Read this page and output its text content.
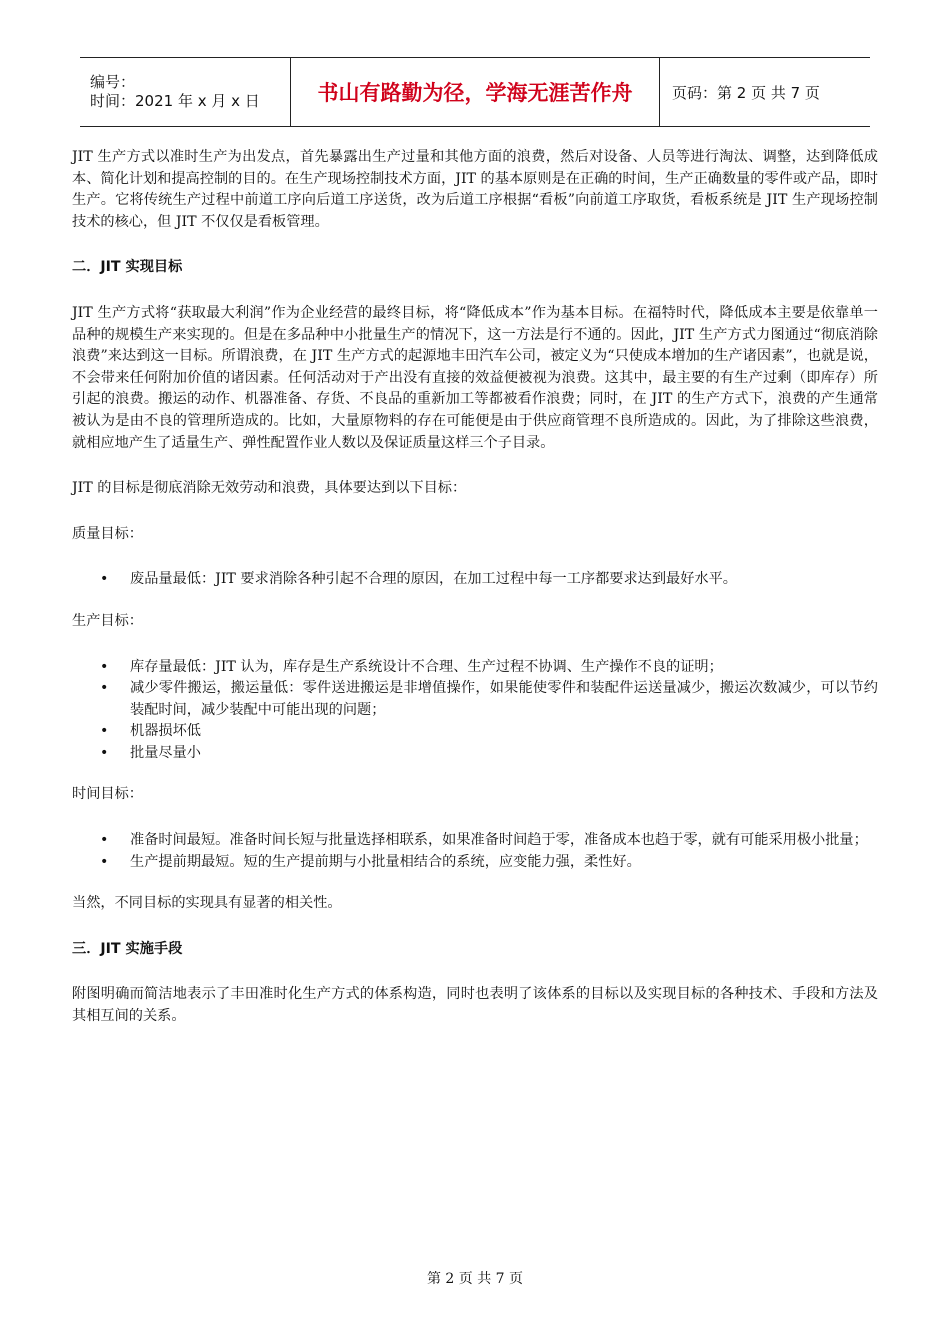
编号：
时间：2021 年 x 月 x 日	书山有路勤为径，学海无涯苦作舟	页码：第 2 页 共 7 页

JIT 生产方式以准时生产为出发点，首先暴露出生产过量和其他方面的浪费，然后对设备、人员等进行淘汰、调整，达到降低成本、简化计划和提高控制的目的。在生产现场控制技术方面，JIT 的基本原则是在正确的时间，生产正确数量的零件或产品，即时生产。它将传统生产过程中前道工序向后道工序送货，改为后道工序根据“看板”向前道工序取货，看板系统是 JIT 生产现场控制技术的核心，但 JIT 不仅仅是看板管理。

二．JIT 实现目标

JIT 生产方式将“获取最大利润”作为企业经营的最终目标，将“降低成本”作为基本目标。在福特时代，降低成本主要是依靠单一品种的规模生产来实现的。但是在多品种中小批量生产的情况下，这一方法是行不通的。因此，JIT 生产方式力图通过“彻底消除浪费”来达到这一目标。所谓浪费，在 JIT 生产方式的起源地丰田汽车公司，被定义为“只使成本增加的生产诸因素”，也就是说，不会带来任何附加价值的诸因素。任何活动对于产出没有直接的效益便被视为浪费。这其中，最主要的有生产过剩（即库存）所引起的浪费。搬运的动作、机器准备、存货、不良品的重新加工等都被看作浪费；同时，在 JIT 的生产方式下，浪费的产生通常被认为是由不良的管理所造成的。比如，大量原物料的存在可能便是由于供应商管理不良所造成的。因此，为了排除这些浪费，就相应地产生了适量生产、弹性配置作业人数以及保证质量这样三个子目录。

JIT 的目标是彻底消除无效劳动和浪费，具体要达到以下目标：

质量目标：

• 废品量最低：JIT 要求消除各种引起不合理的原因，在加工过程中每一工序都要求达到最好水平。

生产目标：

• 库存量最低：JIT 认为，库存是生产系统设计不合理、生产过程不协调、生产操作不良的证明；
• 减少零件搬运，搬运量低：零件送进搬运是非增值操作，如果能使零件和装配件运送量减少，搬运次数减少，可以节约装配时间，减少装配中可能出现的问题；
• 机器损坏低
• 批量尽量小

时间目标：

• 准备时间最短。准备时间长短与批量选择相联系，如果准备时间趋于零，准备成本也趋于零，就有可能采用极小批量；
• 生产提前期最短。短的生产提前期与小批量相结合的系统，应变能力强，柔性好。

当然，不同目标的实现具有显著的相关性。

三．JIT 实施手段

附图明确而简洁地表示了丰田准时化生产方式的体系构造，同时也表明了该体系的目标以及实现目标的各种技术、手段和方法及其相互间的关系。

第 2 页 共 7 页
